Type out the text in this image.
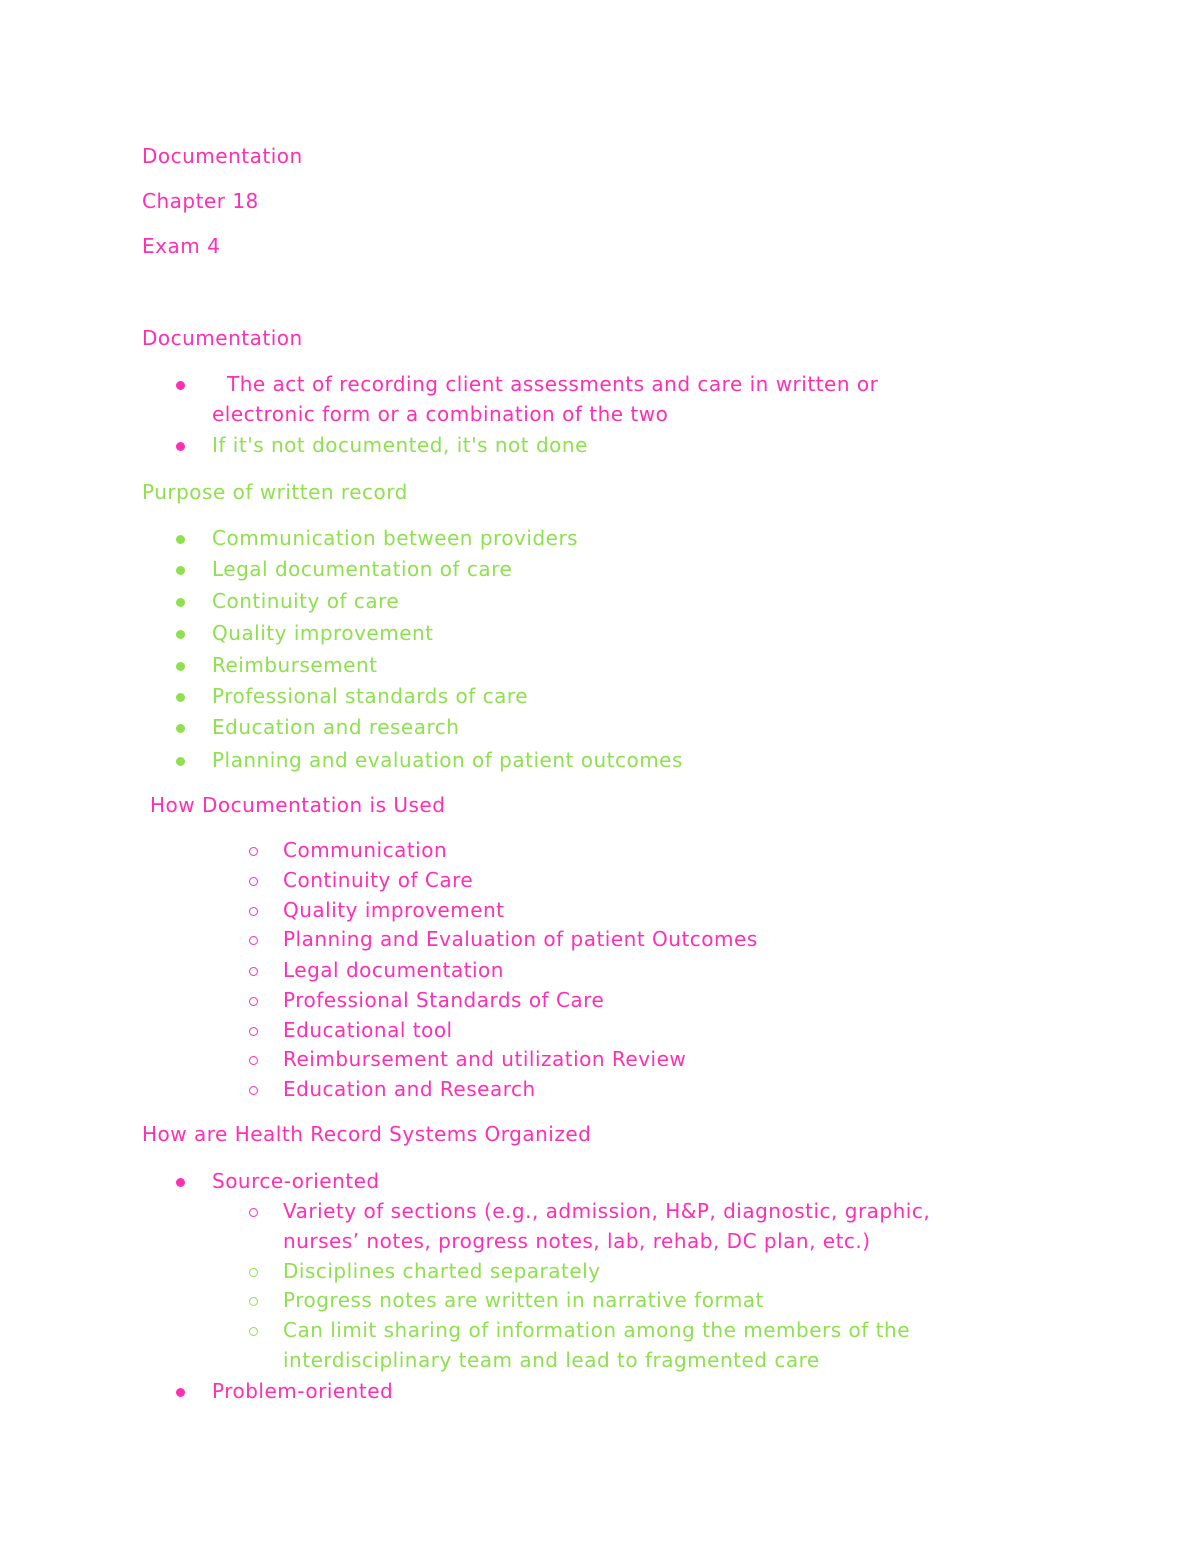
Documentation
Chapter 18
Exam 4
Documentation
The act of recording client assessments and care in written or
electronic form or a combination of the two
If it's not documented, it's not done
Purpose of written record
Communication between providers
Legal documentation of care
Continuity of care
Quality improvement
Reimbursement
Professional standards of care
Education and research
Planning and evaluation of patient outcomes
How Documentation is Used
Communication
Continuity of Care
Quality improvement
Planning and Evaluation of patient Outcomes
Legal documentation
Professional Standards of Care
Educational tool
Reimbursement and utilization Review
Education and Research
How are Health Record Systems Organized
Source-oriented
Variety of sections (e.g., admission, H&P, diagnostic, graphic,
nurses’ notes, progress notes, lab, rehab, DC plan, etc.)
Disciplines charted separately
Progress notes are written in narrative format
Can limit sharing of information among the members of the
interdisciplinary team and lead to fragmented care
Problem-oriented
